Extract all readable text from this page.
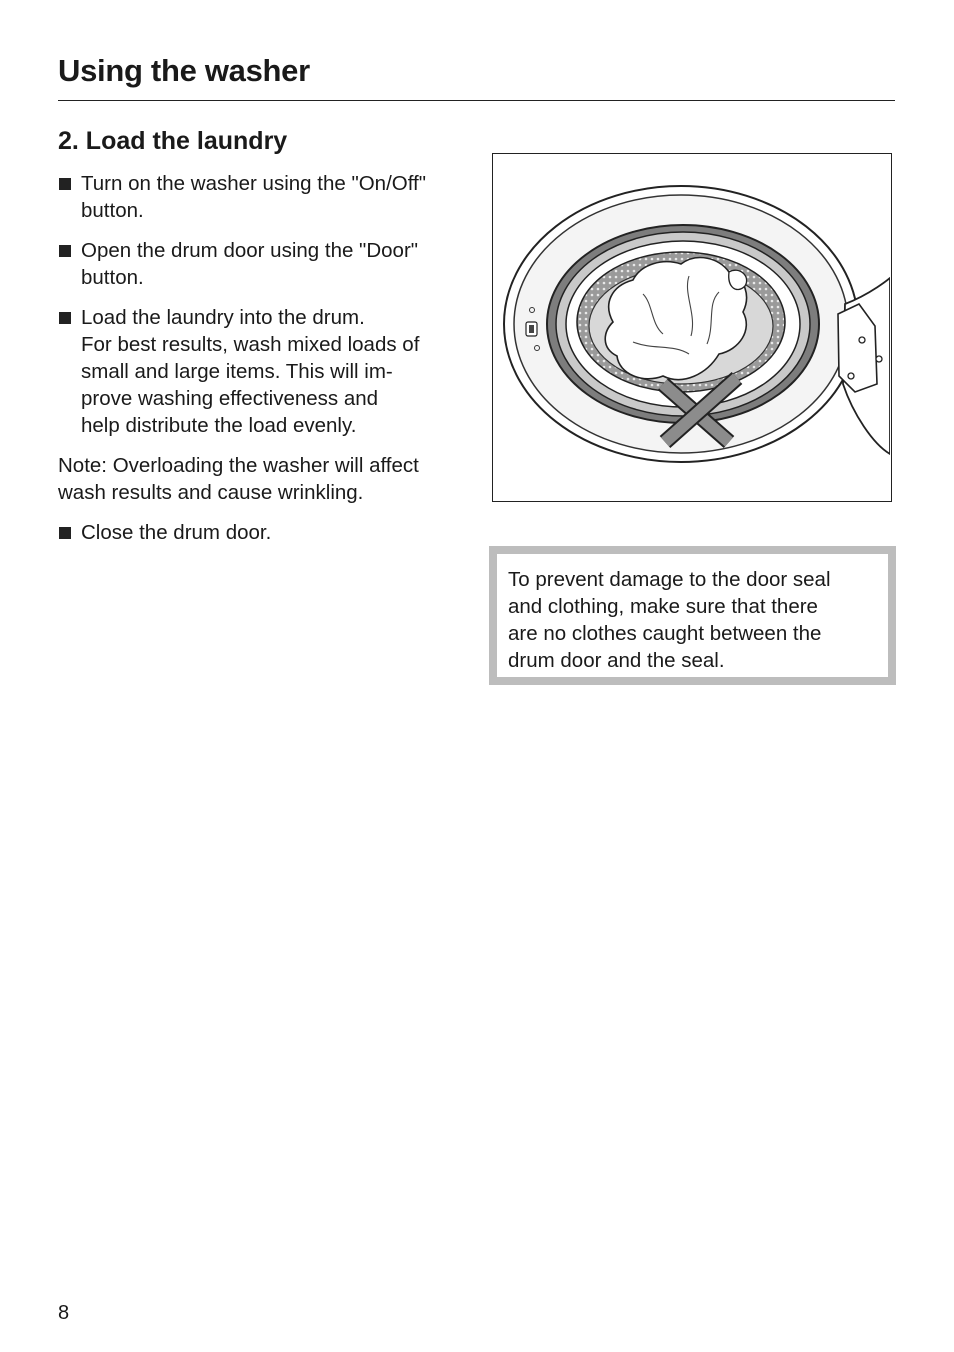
Using the washer
2. Load the laundry
Turn on the washer using the "On/Off"
button.
Open the drum door using the "Door"
button.
Load the laundry into the drum.
For best results, wash mixed loads of
small and large items. This will im-
prove washing effectiveness and
help distribute the load evenly.

Note: Overloading the washer will affect
wash results and cause wrinkling.

Close the drum door.
To prevent damage to the door seal
and clothing, make sure that there
are no clothes caught between the
drum door and the seal.
8
